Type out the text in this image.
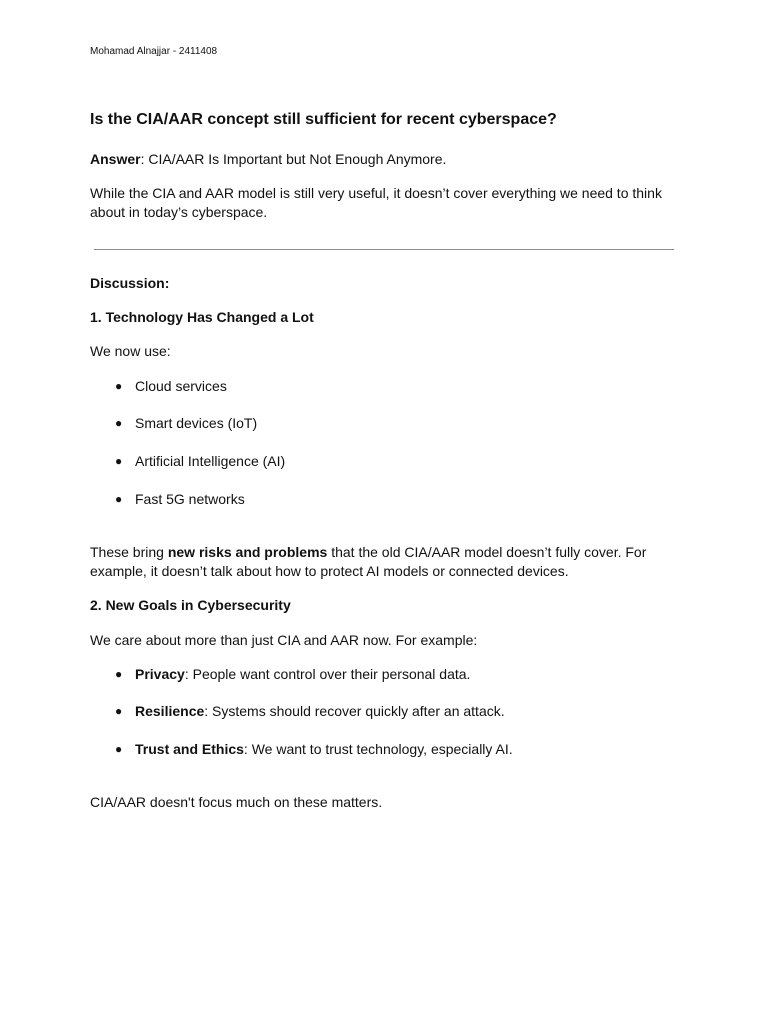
Mohamad Alnajjar - 2411408

Is the CIA/AAR concept still sufficient for recent cyberspace?

Answer: CIA/AAR Is Important but Not Enough Anymore.

While the CIA and AAR model is still very useful, it doesn’t cover everything we need to think about in today’s cyberspace.

Discussion:

1. Technology Has Changed a Lot

We now use:

● Cloud services
● Smart devices (IoT)
● Artificial Intelligence (AI)
● Fast 5G networks

These bring new risks and problems that the old CIA/AAR model doesn’t fully cover. For example, it doesn’t talk about how to protect AI models or connected devices.

2. New Goals in Cybersecurity

We care about more than just CIA and AAR now. For example:

● Privacy: People want control over their personal data.
● Resilience: Systems should recover quickly after an attack.
● Trust and Ethics: We want to trust technology, especially AI.

CIA/AAR doesn't focus much on these matters.
